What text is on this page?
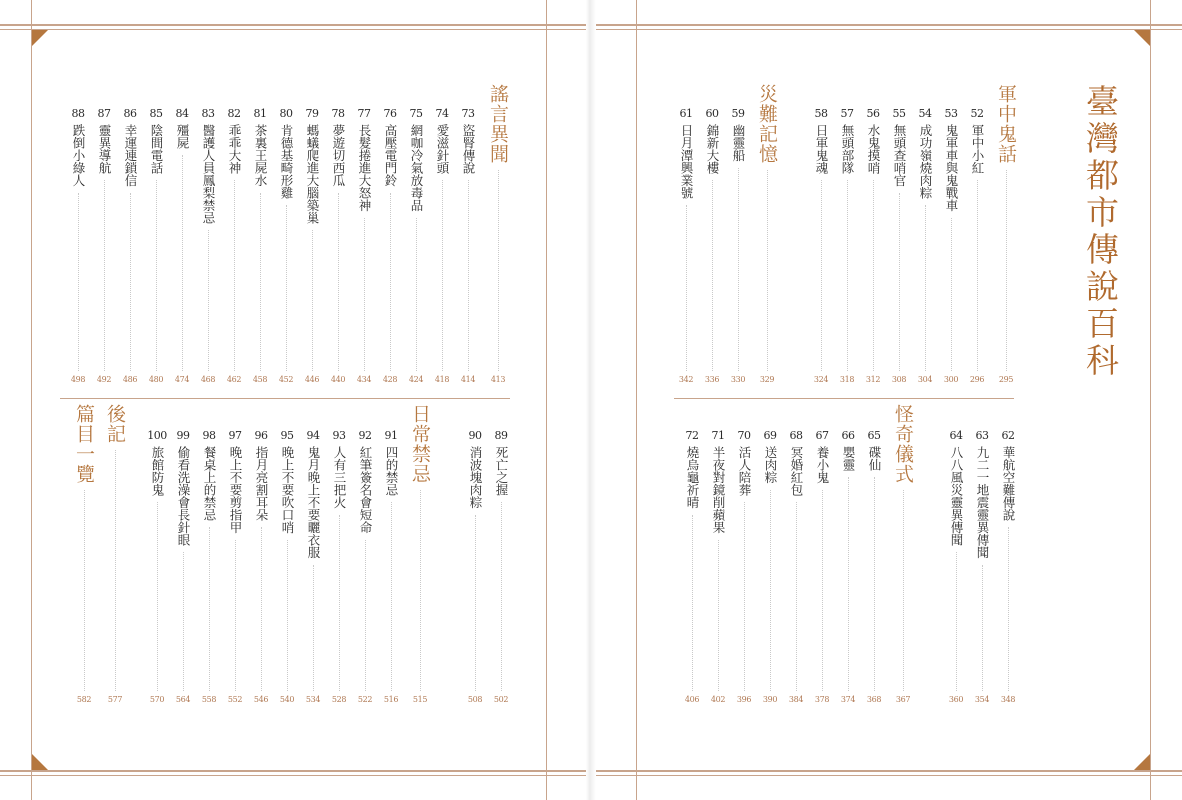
臺灣都市傳說百科
軍中鬼話
295
52
軍中小紅
296
53
鬼軍車與鬼戰車
300
54
成功嶺燒肉粽
304
55
無頭查哨官
308
56
水鬼摸哨
312
57
無頭部隊
318
58
日軍鬼魂
324
災難記憶
329
59
幽靈船
330
60
錦新大樓
336
61
日月潭興業號
342
62
華航空難傳說
348
63
九二一地震靈異傳聞
354
64
八八風災靈異傳聞
360
怪奇儀式
367
65
碟仙
368
66
嬰靈
374
67
養小鬼
378
68
冥婚紅包
384
69
送肉粽
390
70
活人陪葬
396
71
半夜對鏡削蘋果
402
72
燒烏龜祈晴
406
謠言異聞
413
73
盜腎傳說
414
74
愛滋針頭
418
75
網咖冷氣放毒品
424
76
高壓電門鈴
428
77
長髮捲進大怒神
434
78
夢遊切西瓜
440
79
螞蟻爬進大腦築巢
446
80
肯德基畸形雞
452
81
茶裏王屍水
458
82
乖乖大神
462
83
醫護人員鳳梨禁忌
468
84
殭屍
474
85
陰間電話
480
86
幸運連鎖信
486
87
靈異導航
492
88
跌倒小綠人
498
89
死亡之握
502
90
消波塊肉粽
508
日常禁忌
515
91
四的禁忌
516
92
紅筆簽名會短命
522
93
人有三把火
528
94
鬼月晚上不要曬衣服
534
95
晚上不要吹口哨
540
96
指月亮割耳朵
546
97
晚上不要剪指甲
552
98
餐桌上的禁忌
558
99
偷看洗澡會長針眼
564
100
旅館防鬼
570
後記
577
篇目一覽
582
